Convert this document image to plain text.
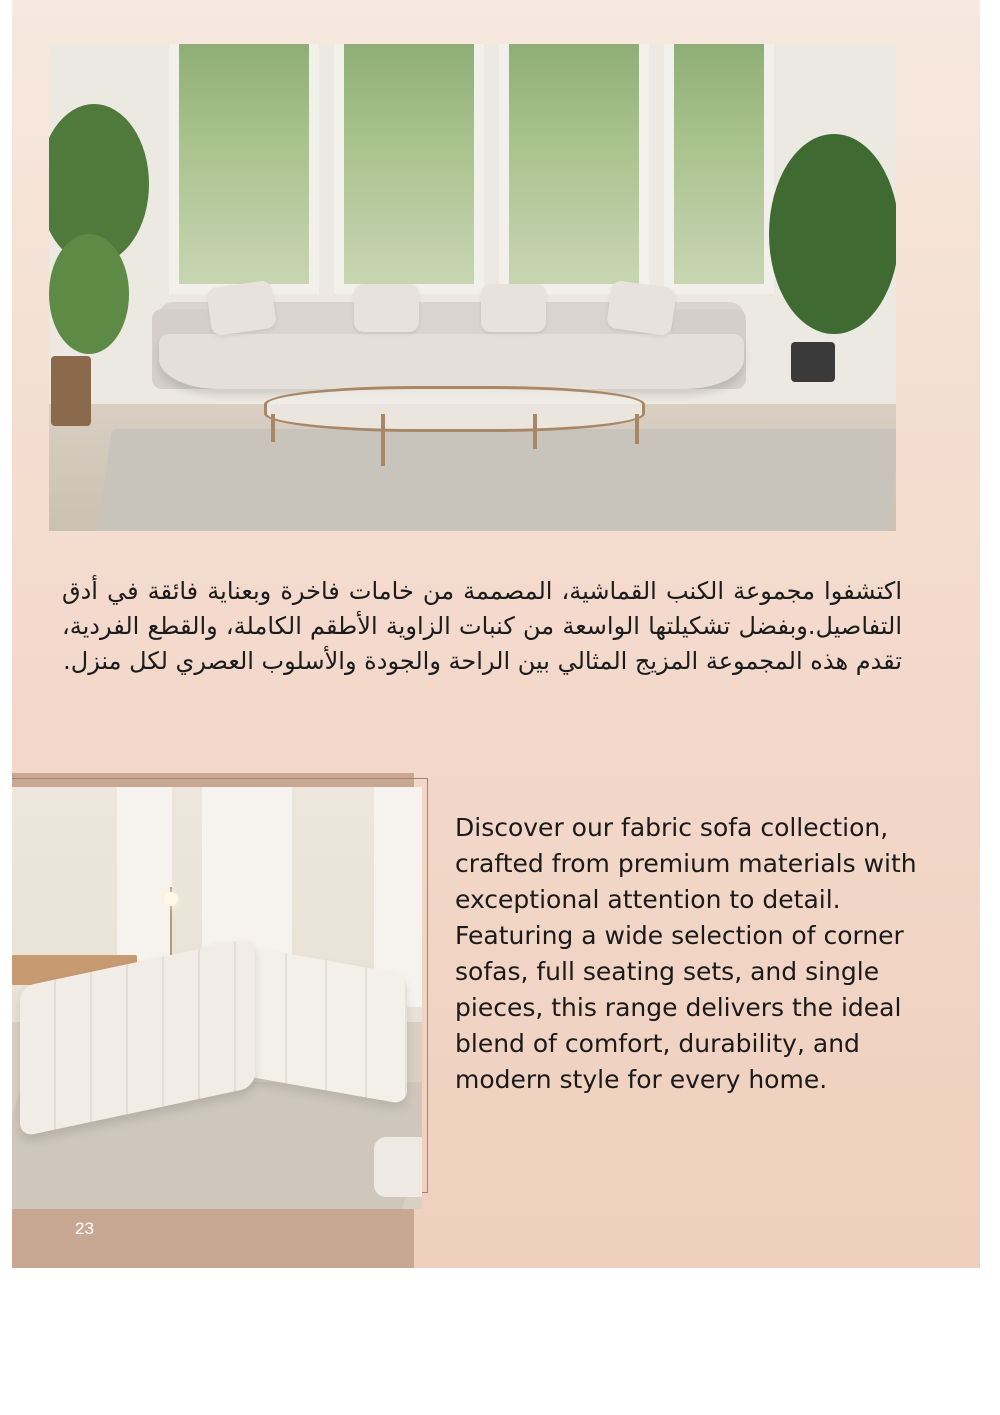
اكتشفوا مجموعة الكنب القماشية، المصممة من خامات فاخرة وبعناية فائقة في أدق التفاصيل.وبفضل تشكيلتها الواسعة من كنبات الزاوية الأطقم الكاملة، والقطع الفردية، تقدم هذه المجموعة المزيج المثالي بين الراحة والجودة والأسلوب العصري لكل منزل.
23
Discover our fabric sofa collection, crafted from premium materials with exceptional attention to detail.
Featuring a wide selection of corner sofas, full seating sets, and single pieces, this range delivers the ideal blend of comfort, durability, and modern style for every home.
